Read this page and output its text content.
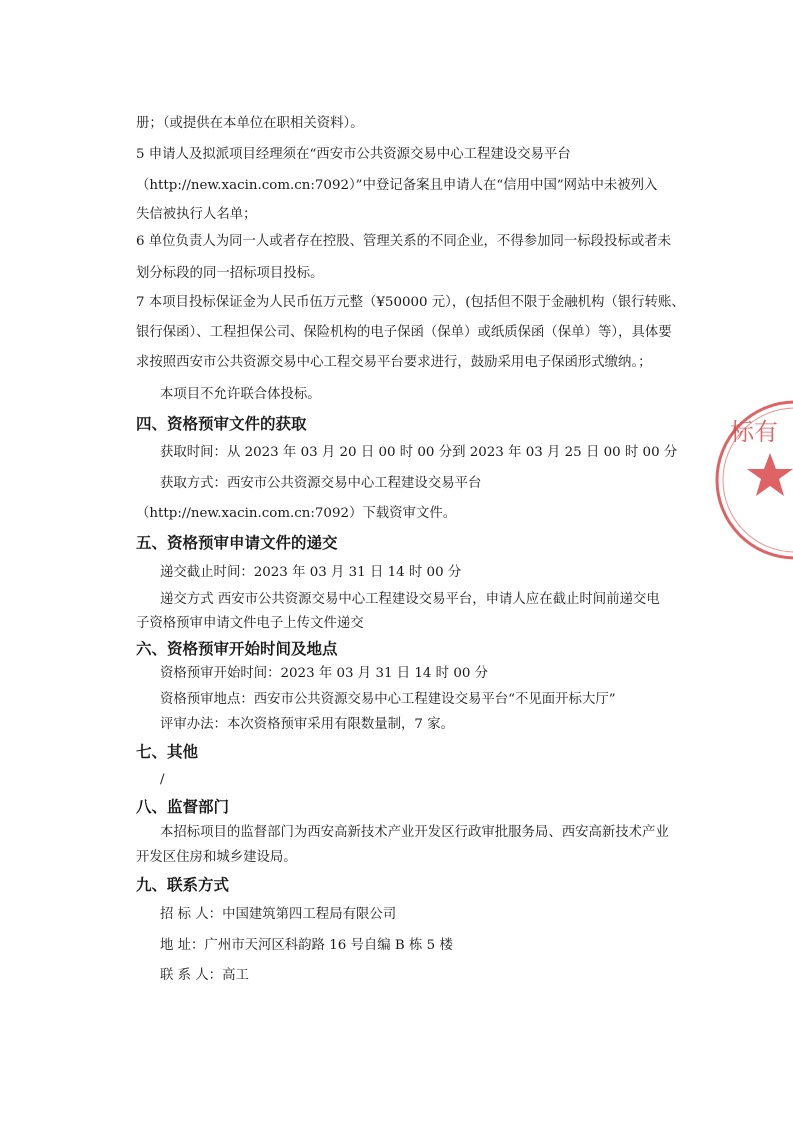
册；（或提供在本单位在职相关资料）。
5 申请人及拟派项目经理须在“西安市公共资源交易中心工程建设交易平台
（http://new.xacin.com.cn:7092）”中登记备案且申请人在“信用中国”网站中未被列入
失信被执行人名单；
6 单位负责人为同一人或者存在控股、管理关系的不同企业，不得参加同一标段投标或者未
划分标段的同一招标项目投标。
7 本项目投标保证金为人民币伍万元整（¥50000 元），(包括但不限于金融机构（银行转账、
银行保函）、工程担保公司、保险机构的电子保函（保单）或纸质保函（保单）等），具体要
求按照西安市公共资源交易中心工程交易平台要求进行，鼓励采用电子保函形式缴纳。；
本项目不允许联合体投标。
四、资格预审文件的获取
获取时间：从 2023 年 03 月 20 日 00 时 00 分到 2023 年 03 月 25 日 00 时 00 分
获取方式：西安市公共资源交易中心工程建设交易平台
（http://new.xacin.com.cn:7092）下载资审文件。
五、资格预审申请文件的递交
递交截止时间：2023 年 03 月 31 日 14 时 00 分
递交方式 西安市公共资源交易中心工程建设交易平台，申请人应在截止时间前递交电
子资格预审申请文件电子上传文件递交
六、资格预审开始时间及地点
资格预审开始时间：2023 年 03 月 31 日 14 时 00 分
资格预审地点：西安市公共资源交易中心工程建设交易平台“不见面开标大厅”
评审办法：本次资格预审采用有限数量制，7 家。
七、其他
/
八、监督部门
本招标项目的监督部门为西安高新技术产业开发区行政审批服务局、西安高新技术产业
开发区住房和城乡建设局。
九、联系方式
招 标 人：中国建筑第四工程局有限公司
地 址：广州市天河区科韵路 16 号自编 B 栋 5 楼
联 系 人：高工
标有
